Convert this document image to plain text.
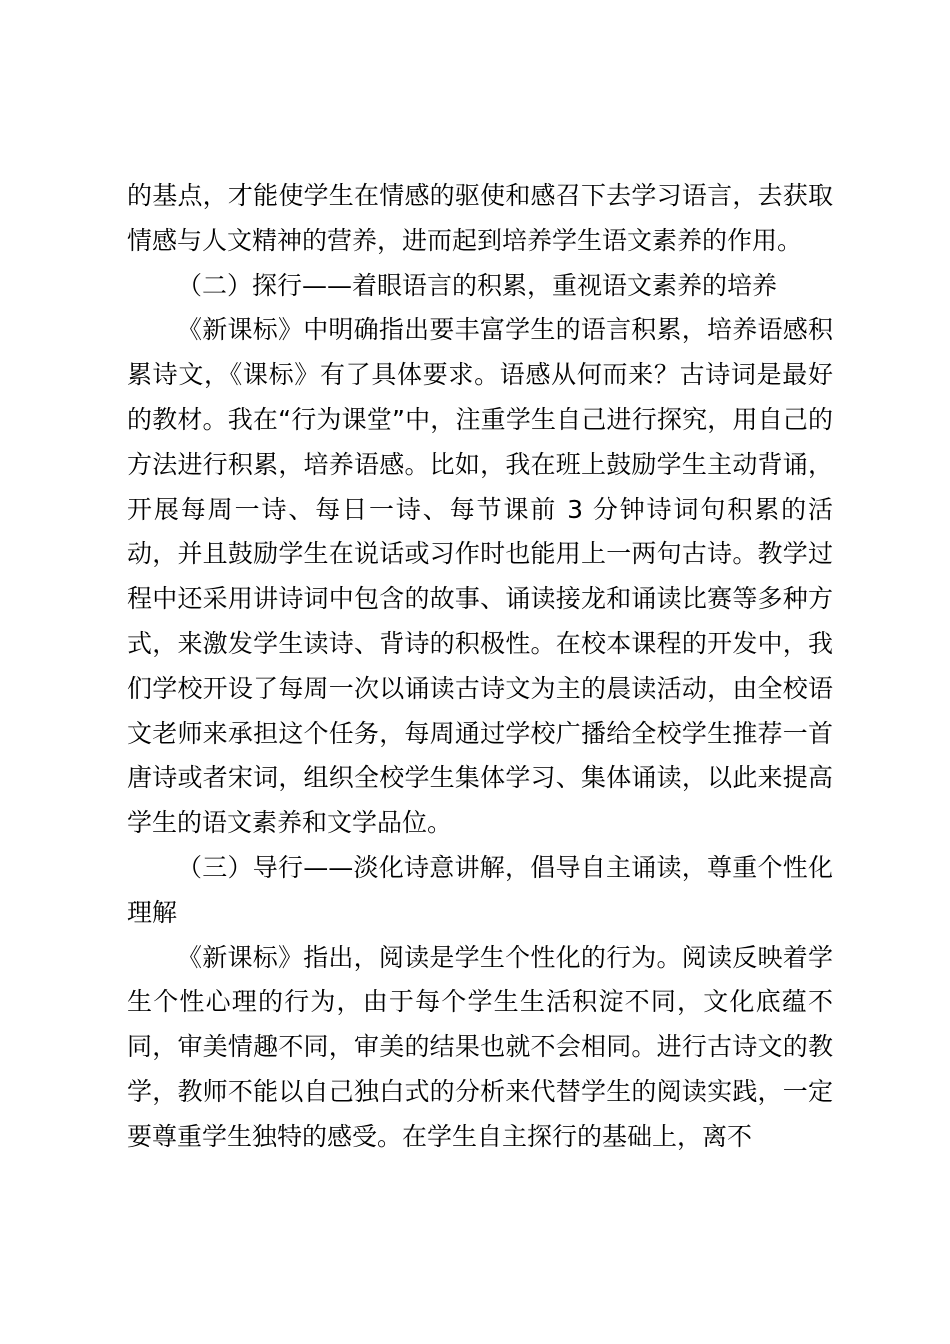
的基点，才能使学生在情感的驱使和感召下去学习语言，去获取情感与人文精神的营养，进而起到培养学生语文素养的作用。

（二）探行——着眼语言的积累，重视语文素养的培养

《新课标》中明确指出要丰富学生的语言积累，培养语感积累诗文，《课标》有了具体要求。语感从何而来？古诗词是最好的教材。我在“行为课堂”中，注重学生自己进行探究，用自己的方法进行积累，培养语感。比如，我在班上鼓励学生主动背诵，开展每周一诗、每日一诗、每节课前 3 分钟诗词句积累的活动，并且鼓励学生在说话或习作时也能用上一两句古诗。教学过程中还采用讲诗词中包含的故事、诵读接龙和诵读比赛等多种方式，来激发学生读诗、背诗的积极性。在校本课程的开发中，我们学校开设了每周一次以诵读古诗文为主的晨读活动，由全校语文老师来承担这个任务，每周通过学校广播给全校学生推荐一首唐诗或者宋词，组织全校学生集体学习、集体诵读，以此来提高学生的语文素养和文学品位。

（三）导行——淡化诗意讲解，倡导自主诵读，尊重个性化理解

《新课标》指出，阅读是学生个性化的行为。阅读反映着学生个性心理的行为，由于每个学生生活积淀不同，文化底蕴不同，审美情趣不同，审美的结果也就不会相同。进行古诗文的教学，教师不能以自己独白式的分析来代替学生的阅读实践，一定要尊重学生独特的感受。在学生自主探行的基础上，离不
